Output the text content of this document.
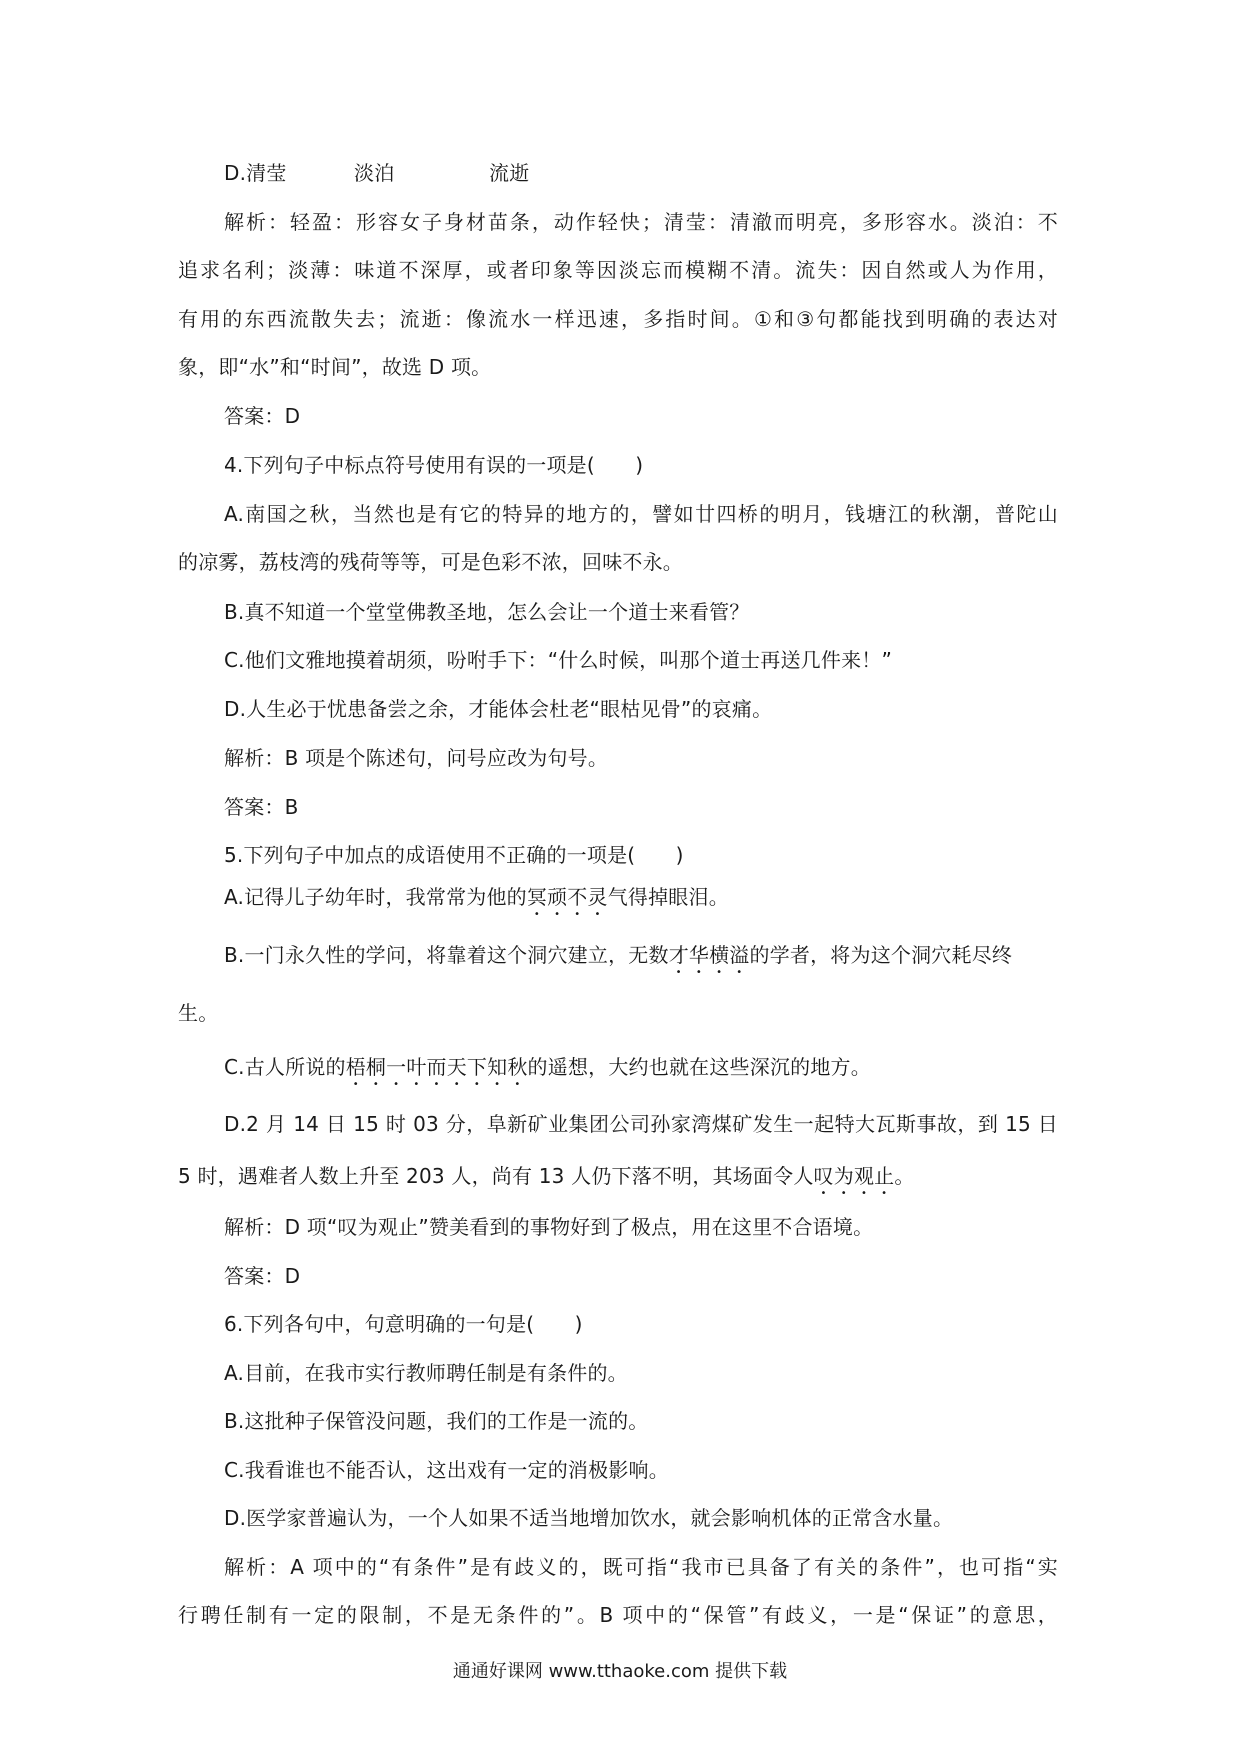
D.清莹	淡泊	流逝
解析：轻盈：形容女子身材苗条，动作轻快；清莹：清澈而明亮，多形容水。淡泊：不
追求名利；淡薄：味道不深厚，或者印象等因淡忘而模糊不清。流失：因自然或人为作用，
有用的东西流散失去；流逝：像流水一样迅速，多指时间。①和③句都能找到明确的表达对
象，即“水”和“时间”，故选 D 项。
答案：D
4.下列句子中标点符号使用有误的一项是(　　)
A.南国之秋，当然也是有它的特异的地方的，譬如廿四桥的明月，钱塘江的秋潮，普陀山
的凉雾，荔枝湾的残荷等等，可是色彩不浓，回味不永。
B.真不知道一个堂堂佛教圣地，怎么会让一个道士来看管？
C.他们文雅地摸着胡须，吩咐手下：“什么时候，叫那个道士再送几件来！”
D.人生必于忧患备尝之余，才能体会杜老“眼枯见骨”的哀痛。
解析：B 项是个陈述句，问号应改为句号。
答案：B
5.下列句子中加点的成语使用不正确的一项是(　　)
A.记得儿子幼年时，我常常为他的冥顽不灵气得掉眼泪。
B.一门永久性的学问，将靠着这个洞穴建立，无数才华横溢的学者，将为这个洞穴耗尽终
生。
C.古人所说的梧桐一叶而天下知秋的遥想，大约也就在这些深沉的地方。
D.2 月 14 日 15 时 03 分，阜新矿业集团公司孙家湾煤矿发生一起特大瓦斯事故，到 15 日
5 时，遇难者人数上升至 203 人，尚有 13 人仍下落不明，其场面令人叹为观止。
解析：D 项“叹为观止”赞美看到的事物好到了极点，用在这里不合语境。
答案：D
6.下列各句中，句意明确的一句是(　　)
A.目前，在我市实行教师聘任制是有条件的。
B.这批种子保管没问题，我们的工作是一流的。
C.我看谁也不能否认，这出戏有一定的消极影响。
D.医学家普遍认为，一个人如果不适当地增加饮水，就会影响机体的正常含水量。
解析：A 项中的“有条件”是有歧义的，既可指“我市已具备了有关的条件”，也可指“实
行聘任制有一定的限制，不是无条件的”。B 项中的“保管”有歧义，一是“保证”的意思，
通通好课网 www.tthaoke.com 提供下载
